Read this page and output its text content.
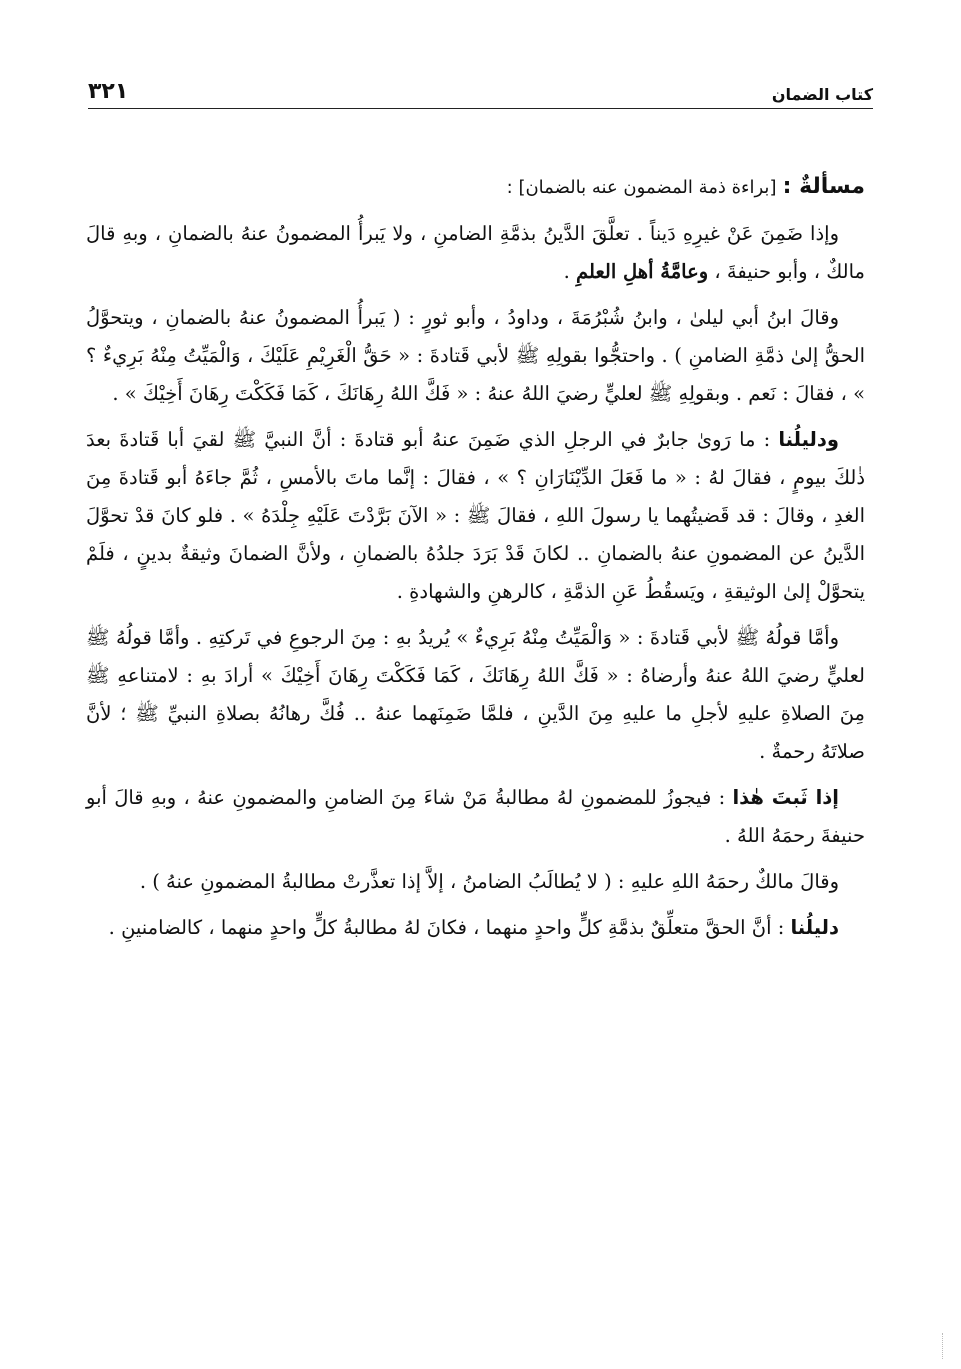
كتاب الضمان
٣٢١

مسألةٌ : [براءة ذمة المضمون عنه بالضمان] :

وإذا ضَمِنَ عَنْ غيرِهِ دَيناً . تعلَّقَ الدَّينُ بذمَّةِ الضامنِ ، ولا يَبرأُ المضمونُ عنهُ بالضمانِ ، وبهِ قالَ مالكٌ ، وأبو حنيفةَ ، وعامَّةُ أهلِ العلمِ .

وقالَ ابنُ أبي ليلىٰ ، وابنُ شُبْرُمَةَ ، وداودُ ، وأبو ثورٍ : ( يَبرأُ المضمونُ عنهُ بالضمانِ ، ويتحوَّلُ الحقُّ إلىٰ ذمَّةِ الضامنِ ) . واحتجُّوا بقولِهِ ﷺ لأبي قَتادةَ : « حَقُّ الْغَرِيْمِ عَلَيْكَ ، وَالْمَيِّتُ مِنْهُ بَرِيءٌ ؟ » ، فقالَ : نَعم . وبقولِهِ ﷺ لعليٍّ رضيَ اللهُ عنهُ : « فَكَّ اللهُ رِهَانَكَ ، كَمَا فَكَكْتَ رِهَانَ أَخِيْكَ » .

ودليلُنا : ما رَوىٰ جابرٌ في الرجلِ الذي ضَمِنَ عنهُ أبو قتادةَ : أنَّ النبيَّ ﷺ لقيَ أبا قَتادةَ بعدَ ذٰلكَ بيومٍ ، فقالَ لهُ : « ما فَعَلَ الدِّيْنَارَانِ ؟ » ، فقالَ : إنَّما ماتَ بالأمسِ ، ثُمَّ جاءَهُ أبو قَتادةَ مِنَ الغدِ ، وقالَ : قد قَضيتُهما يا رسولَ اللهِ ، فقالَ ﷺ : « الآنَ بَرَّدْتَ عَلَيْهِ جِلْدَهُ » . فلو كانَ قدْ تحوَّلَ الدَّينُ عن المضمونِ عنهُ بالضمانِ .. لكانَ قَدْ بَرَدَ جلدُهُ بالضمانِ ، ولأنَّ الضمانَ وثيقةٌ بدينٍ ، فلَمْ يتحوَّلْ إلىٰ الوثيقةِ ، ويَسقُطُ عَنِ الذمَّةِ ، كالرهنِ والشهادةِ .

وأمَّا قولُهُ ﷺ لأبي قَتادةَ : « وَالْمَيِّتُ مِنْهُ بَرِيءٌ » يُريدُ بهِ : مِنَ الرجوعِ في تَركتِهِ . وأمَّا قولُهُ ﷺ لعليٍّ رضيَ اللهُ عنهُ وأرضاهُ : « فَكَّ اللهُ رِهَانَكَ ، كَمَا فَكَكْتَ رِهَانَ أَخِيْكَ » أرادَ بهِ : لامتناعهِ ﷺ مِنَ الصلاةِ عليهِ لأجلِ ما عليهِ مِنَ الدَّينِ ، فلمَّا ضَمِنَهما عنهُ .. فُكَّ رهانُهُ بصلاةِ النبيِّ ﷺ ؛ لأنَّ صلاتَهُ رحمةٌ .

إذا ثَبتَ هٰذا : فيجوزُ للمضمونِ لهُ مطالبةُ مَنْ شاءَ مِنَ الضامنِ والمضمونِ عنهُ ، وبهِ قالَ أبو حنيفةَ رحمَهُ اللهُ .

وقالَ مالكٌ رحمَهُ اللهِ عليهِ : ( لا يُطالَبُ الضامنُ ، إلاَّ إذا تعذَّرتْ مطالبةُ المضمونِ عنهُ ) .

دليلُنا : أنَّ الحقَّ متعلِّقٌ بذمَّةِ كلٍّ واحدٍ منهما ، فكانَ لهُ مطالبةُ كلٍّ واحدٍ منهما ، كالضامنينِ .
